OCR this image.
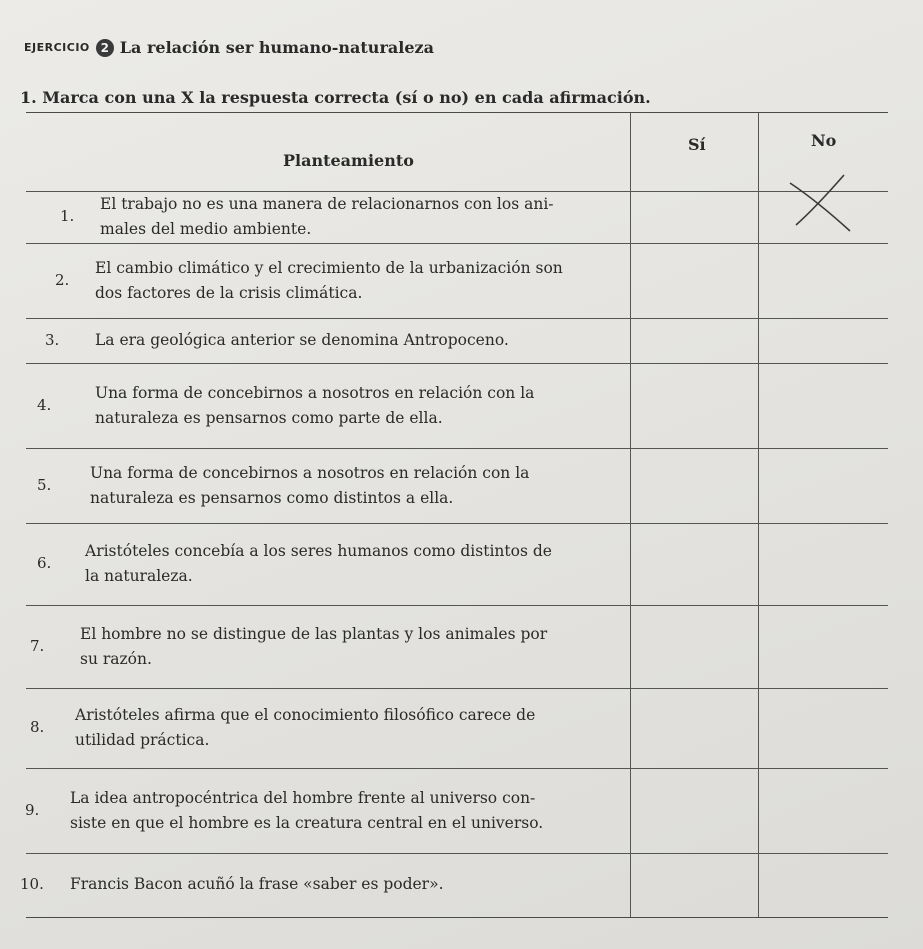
EJERCICIO 2 La relación ser humano-naturaleza
1. Marca con una X la respuesta correcta (sí o no) en cada afirmación.
Planteamiento
Sí	No
1.
El trabajo no es una manera de relacionarnos con los ani-
males del medio ambiente.
2.
El cambio climático y el crecimiento de la urbanización son
dos factores de la crisis climática.
3. La era geológica anterior se denomina Antropoceno.
4.
Una forma de concebirnos a nosotros en relación con la
naturaleza es pensarnos como parte de ella.
5.
Una forma de concebirnos a nosotros en relación con la
naturaleza es pensarnos como distintos a ella.
6.
Aristóteles concebía a los seres humanos como distintos de
la naturaleza.
7.
El hombre no se distingue de las plantas y los animales por
su razón.
8.
Aristóteles afirma que el conocimiento filosófico carece de
utilidad práctica.
9.
La idea antropocéntrica del hombre frente al universo con-
siste en que el hombre es la creatura central en el universo.
10. Francis Bacon acuñó la frase «saber es poder».
